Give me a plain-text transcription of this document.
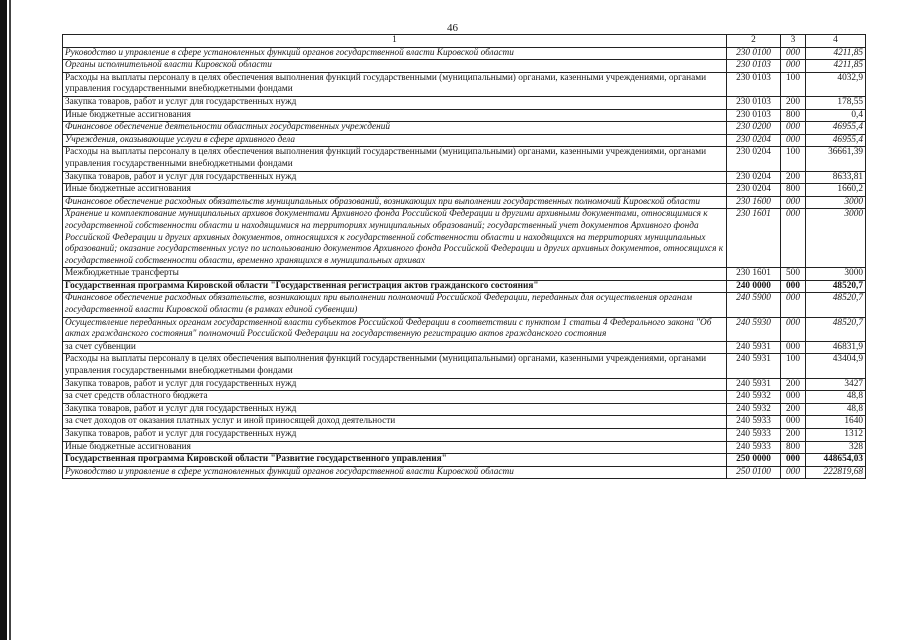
46
1	2	3	4
Руководство и управление в сфере установленных функций органов государственной власти Кировской области	230 0100	000	4211,85
Органы исполнительной власти Кировской области	230 0103	000	4211,85
Расходы на выплаты персоналу в целях обеспечения выполнения функций государственными (муниципальными) органами, казенными учреждениями, органами управления государственными внебюджетными фондами	230 0103	100	4032,9
Закупка товаров, работ и услуг для государственных нужд	230 0103	200	178,55
Иные бюджетные ассигнования	230 0103	800	0,4
Финансовое обеспечение деятельности областных государственных учреждений	230 0200	000	46955,4
Учреждения, оказывающие услуги в сфере архивного дела	230 0204	000	46955,4
Расходы на выплаты персоналу в целях обеспечения выполнения функций государственными (муниципальными) органами, казенными учреждениями, органами управления государственными внебюджетными фондами	230 0204	100	36661,39
Закупка товаров, работ и услуг для государственных нужд	230 0204	200	8633,81
Иные бюджетные ассигнования	230 0204	800	1660,2
Финансовое обеспечение расходных обязательств муниципальных образований, возникающих при выполнении государственных полномочий Кировской области	230 1600	000	3000
Хранение и комплектование муниципальных архивов документами Архивного фонда Российской Федерации и другими архивными документами, относящимися к государственной собственности области и находящимися на территориях муниципальных образований; государственный учет документов Архивного фонда Российской Федерации и других архивных документов, относящихся к государственной собственности области и находящихся на территориях муниципальных образований; оказание государственных услуг по использованию документов Архивного фонда Российской Федерации и других архивных документов, относящихся к государственной собственности области, временно хранящихся в муниципальных архивах	230 1601	000	3000
Межбюджетные трансферты	230 1601	500	3000
Государственная программа Кировской области "Государственная регистрация актов гражданского состояния"	240 0000	000	48520,7
Финансовое обеспечение расходных обязательств, возникающих при выполнении полномочий Российской Федерации, переданных для осуществления органам государственной власти Кировской области (в рамках единой субвенции)	240 5900	000	48520,7
Осуществление переданных органам государственной власти субъектов Российской Федерации в соответствии с пунктом 1 статьи 4 Федерального закона "Об актах гражданского состояния" полномочий Российской Федерации на государственную регистрацию актов гражданского состояния	240 5930	000	48520,7
за счет субвенции	240 5931	000	46831,9
Расходы на выплаты персоналу в целях обеспечения выполнения функций государственными (муниципальными) органами, казенными учреждениями, органами управления государственными внебюджетными фондами	240 5931	100	43404,9
Закупка товаров, работ и услуг для государственных нужд	240 5931	200	3427
за счет средств областного бюджета	240 5932	000	48,8
Закупка товаров, работ и услуг для государственных нужд	240 5932	200	48,8
за счет доходов от оказания платных услуг и иной приносящей доход деятельности	240 5933	000	1640
Закупка товаров, работ и услуг для государственных нужд	240 5933	200	1312
Иные бюджетные ассигнования	240 5933	800	328
Государственная программа Кировской области "Развитие государственного управления"	250 0000	000	448654,03
Руководство и управление в сфере установленных функций органов государственной власти Кировской области	250 0100	000	222819,68
